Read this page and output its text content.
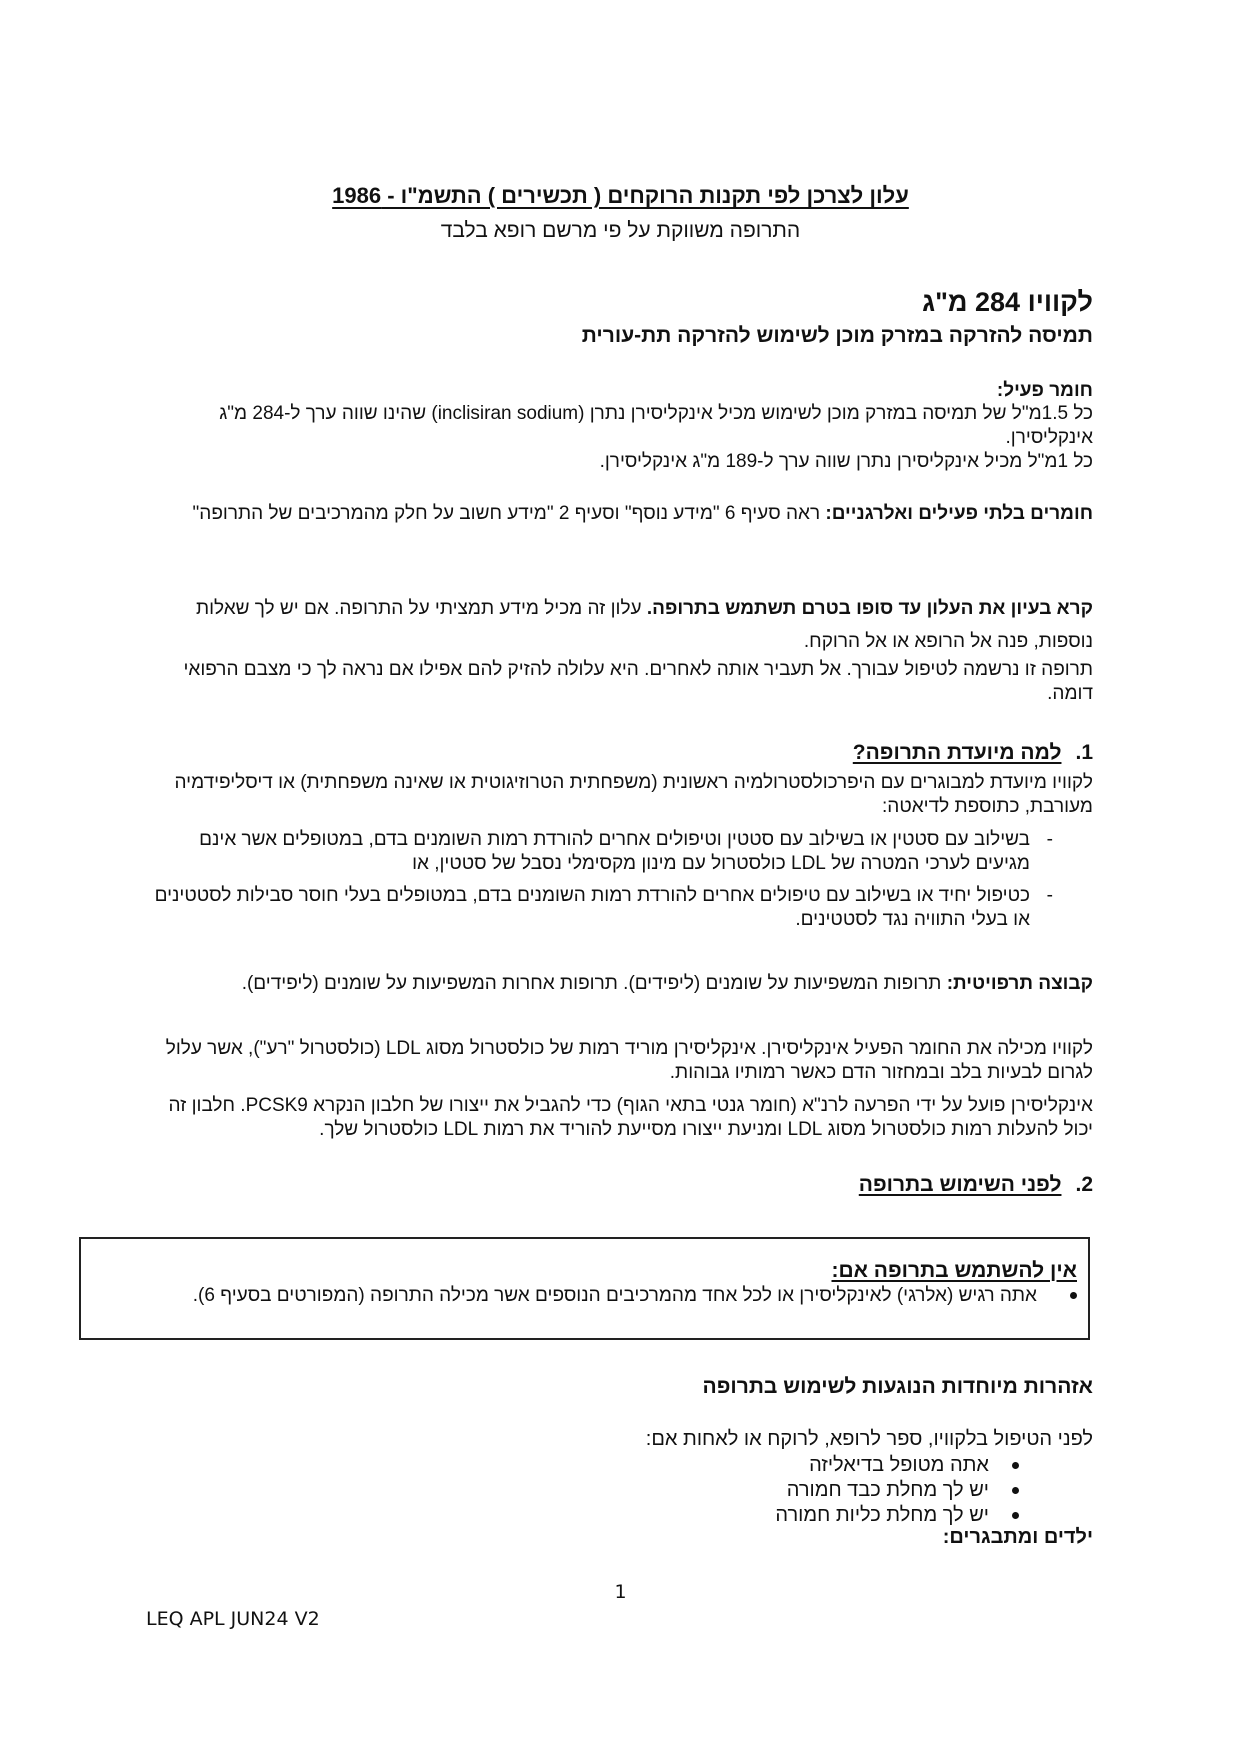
עלון לצרכן לפי תקנות הרוקחים ( תכשירים ) התשמ"ו - 1986
התרופה משווקת על פי מרשם רופא בלבד
לקוויו 284 מ"ג
תמיסה להזרקה במזרק מוכן לשימוש להזרקה תת-עורית
חומר פעיל:
כל 1.5מ"ל של תמיסה במזרק מוכן לשימוש מכיל אינקליסירן נתרן (inclisiran sodium) שהינו שווה ערך ל-284 מ"ג אינקליסירן.
כל 1מ"ל מכיל אינקליסירן נתרן שווה ערך ל-189 מ"ג אינקליסירן.
חומרים בלתי פעילים ואלרגניים: ראה סעיף 6 "מידע נוסף" וסעיף 2 "מידע חשוב על חלק מהמרכיבים של התרופה"
קרא בעיון את העלון עד סופו בטרם תשתמש בתרופה. עלון זה מכיל מידע תמציתי על התרופה. אם יש לך שאלות נוספות, פנה אל הרופא או אל הרוקח.
תרופה זו נרשמה לטיפול עבורך. אל תעביר אותה לאחרים. היא עלולה להזיק להם אפילו אם נראה לך כי מצבם הרפואי דומה.
1.למה מיועדת התרופה?
לקוויו מיועדת למבוגרים עם היפרכולסטרולמיה ראשונית (משפחתית הטרוזיגוטית או שאינה משפחתית) או דיסליפידמיה מעורבת, כתוספת לדיאטה:
-
בשילוב עם סטטין או בשילוב עם סטטין וטיפולים אחרים להורדת רמות השומנים בדם, במטופלים אשר אינם מגיעים לערכי המטרה של LDL כולסטרול עם מינון מקסימלי נסבל של סטטין, או
-
כטיפול יחיד או בשילוב עם טיפולים אחרים להורדת רמות השומנים בדם, במטופלים בעלי חוסר סבילות לסטטינים או בעלי התוויה נגד לסטטינים.
קבוצה תרפויטית: תרופות המשפיעות על שומנים (ליפידים). תרופות אחרות המשפיעות על שומנים (ליפידים).
לקוויו מכילה את החומר הפעיל אינקליסירן. אינקליסירן מוריד רמות של כולסטרול מסוג LDL (כולסטרול "רע"), אשר עלול לגרום לבעיות בלב ובמחזור הדם כאשר רמותיו גבוהות.
אינקליסירן פועל על ידי הפרעה לרנ"א (חומר גנטי בתאי הגוף) כדי להגביל את ייצורו של חלבון הנקרא PCSK9. חלבון זה יכול להעלות רמות כולסטרול מסוג LDL ומניעת ייצורו מסייעת להוריד את רמות LDL כולסטרול שלך.
2.לפני השימוש בתרופה
אין להשתמש בתרופה אם:
אתה רגיש (אלרגי) לאינקליסירן או לכל אחד מהמרכיבים הנוספים אשר מכילה התרופה (המפורטים בסעיף 6).
אזהרות מיוחדות הנוגעות לשימוש בתרופה
לפני הטיפול בלקוויו, ספר לרופא, לרוקח או לאחות אם:
אתה מטופל בדיאליזה
יש לך מחלת כבד חמורה
יש לך מחלת כליות חמורה
ילדים ומתבגרים:
1
LEQ APL JUN24 V2
